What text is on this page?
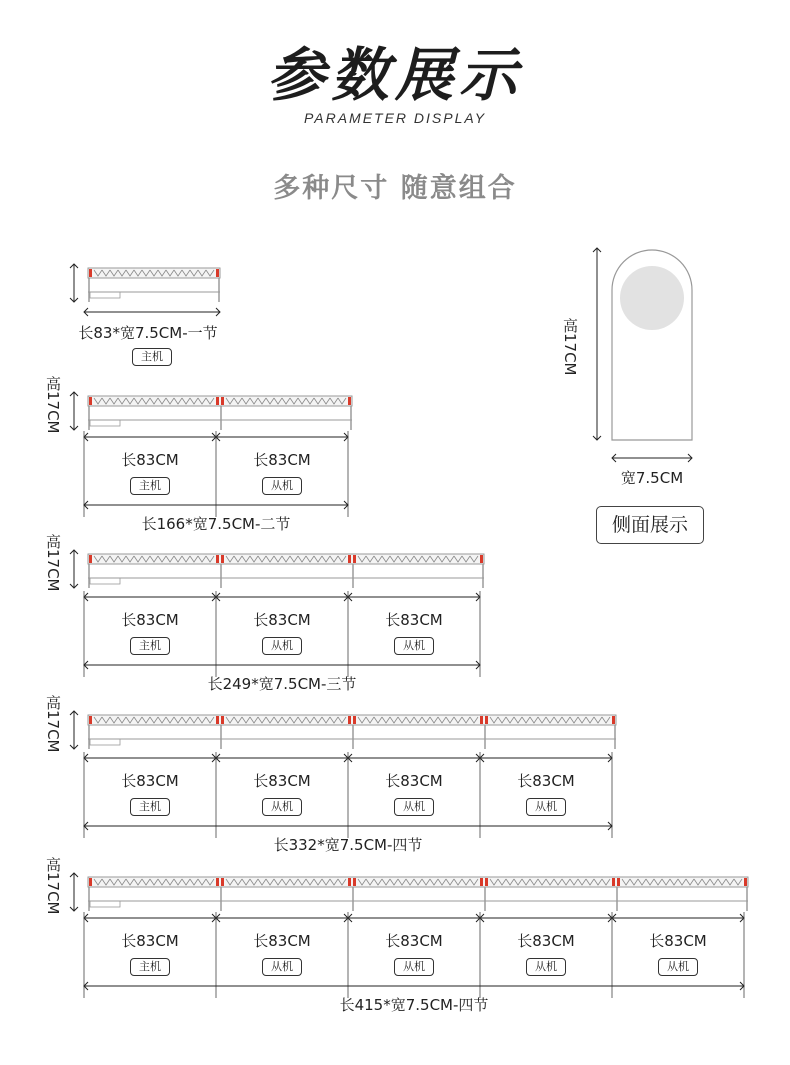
参数展示
PARAMETER DISPLAY
多种尺寸 随意组合
长83*宽7.5CM-一节
主机
高17CM
长83CM
主机
长83CM
从机
长166*宽7.5CM-二节
高17CM
长83CM
主机
长83CM
从机
长83CM
从机
长249*宽7.5CM-三节
高17CM
长83CM
主机
长83CM
从机
长83CM
从机
长83CM
从机
长332*宽7.5CM-四节
高17CM
长83CM
主机
长83CM
从机
长83CM
从机
长83CM
从机
长83CM
从机
长415*宽7.5CM-四节
高17CM
宽7.5CM
侧面展示
